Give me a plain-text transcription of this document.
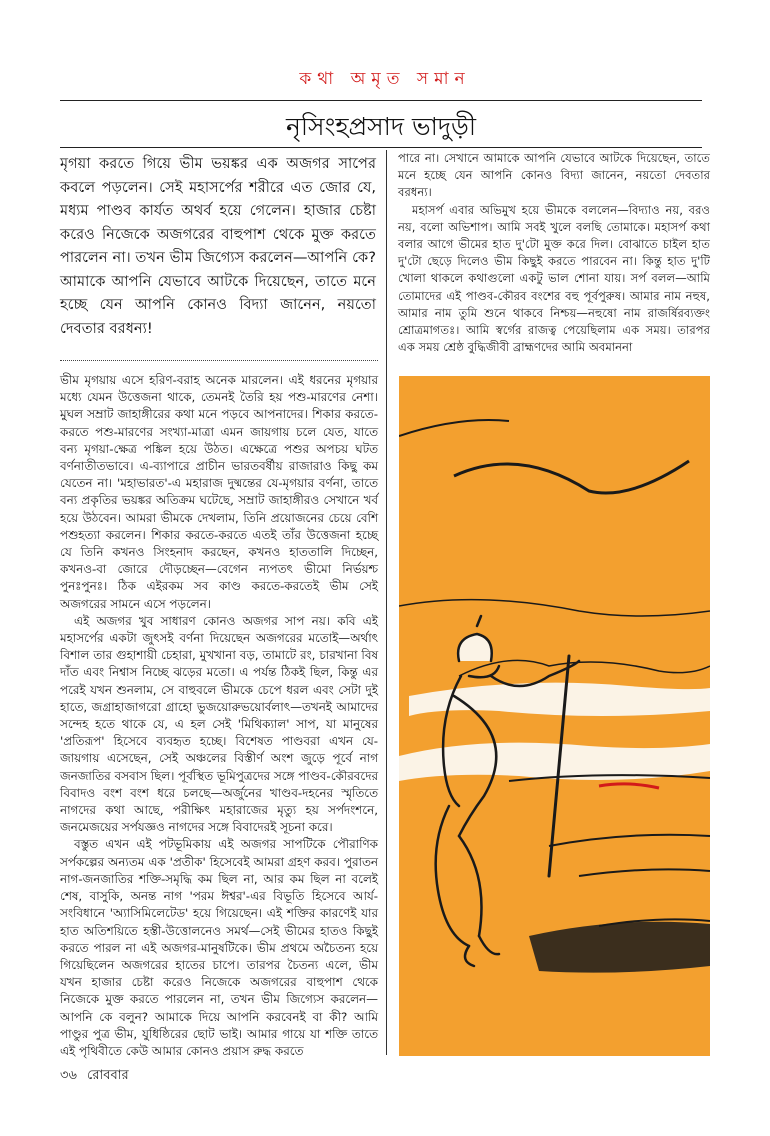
কথা অমৃত সমান
নৃসিংহপ্রসাদ ভাদুড়ী

মৃগয়া করতে গিয়ে ভীম ভয়ঙ্কর এক অজগর সাপের কবলে পড়লেন। সেই মহাসর্পের শরীরে এত জোর যে, মধ্যম পাণ্ডব কার্যত অথর্ব হয়ে গেলেন। হাজার চেষ্টা করেও নিজেকে অজগরের বাহুপাশ থেকে মুক্ত করতে পারলেন না। তখন ভীম জিগ্যেস করলেন—আপনি কে? আমাকে আপনি যেভাবে আটকে দিয়েছেন, তাতে মনে হচ্ছে যেন আপনি কোনও বিদ্যা জানেন, নয়তো দেবতার বরধন্য!

ভীম মৃগয়ায় এসে হরিণ-বরাহ অনেক মারলেন। এই ধরনের মৃগয়ার মধ্যে যেমন উত্তেজনা থাকে, তেমনই তৈরি হয় পশু-মারণের নেশা। মুঘল সম্রাট জাহাঙ্গীরের কথা মনে পড়বে আপনাদের। শিকার করতে-করতে পশু-মারণের সংখ্যা-মাত্রা এমন জায়গায় চলে যেত, যাতে বন্য মৃগয়া-ক্ষেত্র পঙ্কিল হয়ে উঠত। এক্ষেত্রে পশুর অপচয় ঘটত বর্ণনাতীতভাবে। এ-ব্যাপারে প্রাচীন ভারতবর্ষীয় রাজারাও কিছু কম যেতেন না। 'মহাভারত'-এ মহারাজ দুষ্মন্তের যে-মৃগয়ার বর্ণনা, তাতে বন্য প্রকৃতির ভয়ঙ্কর অতিক্রম ঘটেছে, সম্রাট জাহাঙ্গীরও সেখানে খর্ব হয়ে উঠবেন। আমরা ভীমকে দেখলাম, তিনি প্রয়োজনের চেয়ে বেশি পশুহত্যা করলেন। শিকার করতে-করতে এতই তাঁর উত্তেজনা হচ্ছে যে তিনি কখনও সিংহনাদ করছেন, কখনও হাততালি দিচ্ছেন, কখনও-বা জোরে দৌড়চ্ছেন—বেগেন ন্যপতৎ ভীমো নির্ভয়শ্চ পুনঃপুনঃ। ঠিক এইরকম সব কাণ্ড করতে-করতেই ভীম সেই অজগরের সামনে এসে পড়লেন।

এই অজগর খুব সাধারণ কোনও অজগর সাপ নয়। কবি এই মহাসর্পের একটা জুৎসই বর্ণনা দিয়েছেন অজগরের মতোই—অর্থাৎ বিশাল তার গুহাশায়ী চেহারা, মুখখানা বড়, তামাটে রং, চারখানা বিষ দাঁত এবং নিশ্বাস নিচ্ছে ঝড়ের মতো। এ পর্যন্ত ঠিকই ছিল, কিন্তু এর পরেই যখন শুনলাম, সে বাহুবলে ভীমকে চেপে ধরল এবং সেটা দুই হাতে, জগ্রাহাজাগরো গ্রাহো ভুজয়োরুভয়োর্বলাৎ—তখনই আমাদের সন্দেহ হতে থাকে যে, এ হল সেই 'মিথিক্যাল' সাপ, যা মানুষের 'প্রতিরূপ' হিসেবে ব্যবহৃত হচ্ছে। বিশেষত পাণ্ডবরা এখন যে-জায়গায় এসেছেন, সেই অঞ্চলের বিস্তীর্ণ অংশ জুড়ে পূর্বে নাগ জনজাতির বসবাস ছিল। পূর্বস্থিত ভূমিপুত্রদের সঙ্গে পাণ্ডব-কৌরবদের বিবাদও বংশ বংশ ধরে চলছে—অর্জুনের খাণ্ডব-দহনের স্মৃতিতে নাগদের কথা আছে, পরীক্ষিৎ মহারাজের মৃত্যু হয় সর্পদংশনে, জনমেজয়ের সর্পযজ্ঞও নাগদের সঙ্গে বিবাদেরই সূচনা করে।

বস্তুত এখন এই পটভূমিকায় এই অজগর সাপটিকে পৌরাণিক সর্পকল্পের অন্যতম এক 'প্রতীক' হিসেবেই আমরা গ্রহণ করব। পুরাতন নাগ-জনজাতির শক্তি-সমৃদ্ধি কম ছিল না, আর কম ছিল না বলেই শেষ, বাসুকি, অনন্ত নাগ 'পরম ঈশ্বর'-এর বিভূতি হিসেবে আর্য-সংবিধানে 'অ্যাসিমিলেটেড' হয়ে গিয়েছেন। এই শক্তির কারণেই যার হাত অতিশয়িতে হস্তী-উত্তোলনেও সমর্থ—সেই ভীমের হাতও কিছুই করতে পারল না এই অজগর-মানুষটিকে। ভীম প্রথমে অচৈতন্য হয়ে গিয়েছিলেন অজগরের হাতের চাপে। তারপর চৈতন্য এলে, ভীম যখন হাজার চেষ্টা করেও নিজেকে অজগরের বাহুপাশ থেকে নিজেকে মুক্ত করতে পারলেন না, তখন ভীম জিগ্যেস করলেন—আপনি কে বলুন? আমাকে দিয়ে আপনি করবেনই বা কী? আমি পাণ্ডুর পুত্র ভীম, যুধিষ্ঠিরের ছোট ভাই। আমার গায়ে যা শক্তি তাতে এই পৃথিবীতে কেউ আমার কোনও প্রয়াস রুদ্ধ করতে

পারে না। সেখানে আমাকে আপনি যেভাবে আটকে দিয়েছেন, তাতে মনে হচ্ছে যেন আপনি কোনও বিদ্যা জানেন, নয়তো দেবতার বরধন্য।

মহাসর্প এবার অভিমুখ হয়ে ভীমকে বললেন—বিদ্যাও নয়, বরও নয়, বলো অভিশাপ। আমি সবই খুলে বলছি তোমাকে। মহাসর্প কথা বলার আগে ভীমের হাত দু'টো মুক্ত করে দিল। বোঝাতে চাইল হাত দু'টো ছেড়ে দিলেও ভীম কিছুই করতে পারবেন না। কিন্তু হাত দু'টি খোলা থাকলে কথাগুলো একটু ভাল শোনা যায়। সর্প বলল—আমি তোমাদের এই পাণ্ডব-কৌরব বংশের বহু পূর্বপুরুষ। আমার নাম নহুষ, আমার নাম তুমি শুনে থাকবে নিশ্চয়—নহুষো নাম রাজর্ষিরব্যক্তং শ্রোত্রমাগতঃ। আমি স্বর্গের রাজত্ব পেয়েছিলাম এক সময়। তারপর এক সময় শ্রেষ্ঠ বুদ্ধিজীবী ব্রাহ্মণদের আমি অবমাননা

৩৬ রোববার
